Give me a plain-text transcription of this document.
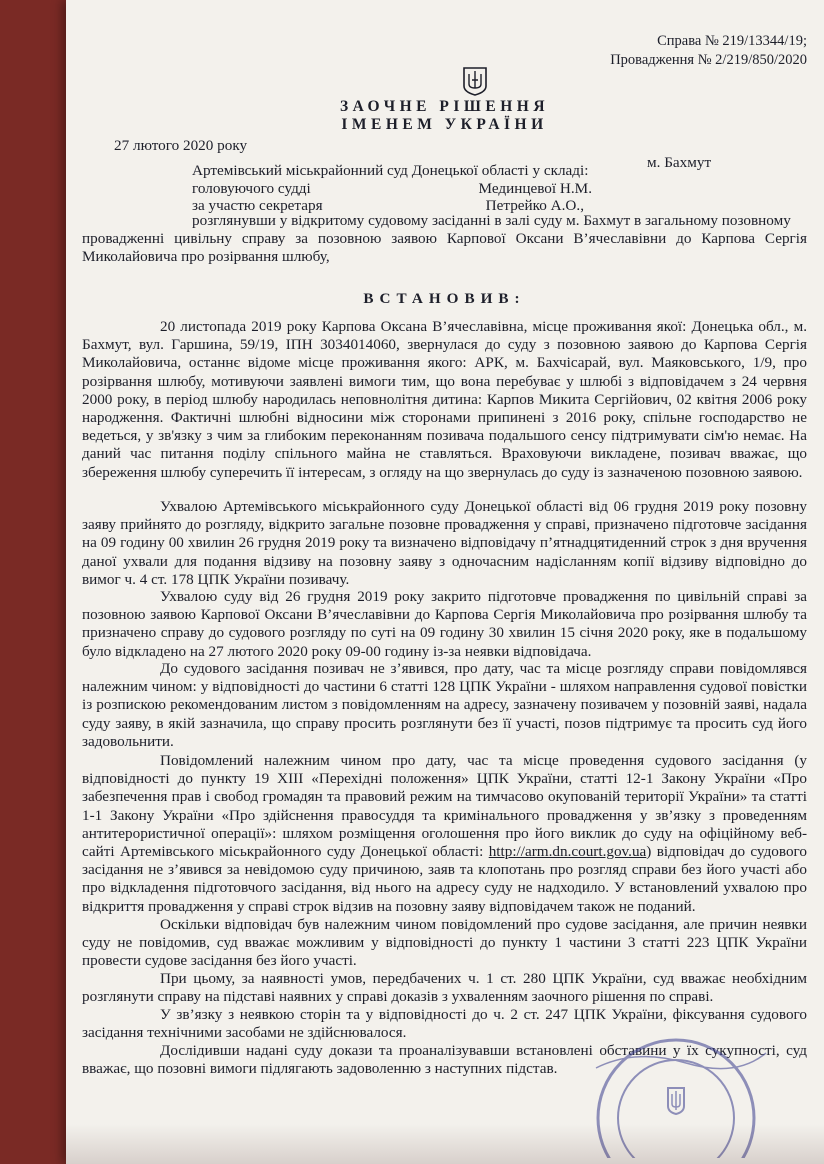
Справа № 219/13344/19;
Провадження № 2/219/850/2020
ЗАОЧНЕ РІШЕННЯ
ІМЕНЕМ УКРАЇНИ
27 лютого 2020 року
м. Бахмут
Артемівський міськрайонний суд Донецької області у складі:
головуючого судді	Мединцевої Н.М.
за участю секретаря	Петрейко А.О.,
розглянувши у відкритому судовому засіданні в залі суду м. Бахмут в загальному позовному

провадженні цивільну справу за позовною заявою Карпової Оксани В’ячеславівни до Карпова Сергія Миколайовича про розірвання шлюбу,

ВСТАНОВИВ:

20 листопада 2019 року Карпова Оксана В’ячеславівна, місце проживання якої: Донецька обл., м. Бахмут, вул. Гаршина, 59/19, ІПН 3034014060, звернулася до суду з позовною заявою до Карпова Сергія Миколайовича, останнє відоме місце проживання якого: АРК, м. Бахчісарай, вул. Маяковського, 1/9, про розірвання шлюбу, мотивуючи заявлені вимоги тим, що вона перебуває у шлюбі з відповідачем з 24 червня 2000 року, в період шлюбу народилась неповнолітня дитина: Карпов Микита Сергійович, 02 квітня 2006 року народження. Фактичні шлюбні відносини між сторонами припинені з 2016 року, спільне господарство не ведеться, у зв'язку з чим за глибоким переконанням позивача подальшого сенсу підтримувати сім'ю немає. На даний час питання поділу спільного майна не ставляться. Враховуючи викладене, позивач вважає, що збереження шлюбу суперечить її інтересам, з огляду на що звернулась до суду із зазначеною позовною заявою.

Ухвалою Артемівського міськрайонного суду Донецької області від 06 грудня 2019 року позовну заяву прийнято до розгляду, відкрито загальне позовне провадження у справі, призначено підготовче засідання на 09 годину 00 хвилин 26 грудня 2019 року та визначено відповідачу п’ятнадцятиденний строк з дня вручення даної ухвали для подання відзиву на позовну заяву з одночасним надісланням копії відзиву відповідно до вимог ч. 4 ст. 178 ЦПК України позивачу.

Ухвалою суду від 26 грудня 2019 року закрито підготовче провадження по цивільній справі за позовною заявою Карпової Оксани В’ячеславівни до Карпова Сергія Миколайовича про розірвання шлюбу та призначено справу до судового розгляду по суті на 09 годину 30 хвилин 15 січня 2020 року, яке в подальшому було відкладено на 27 лютого 2020 року 09-00 годину із-за неявки відповідача.

До судового засідання позивач не з’явився, про дату, час та місце розгляду справи повідомлявся належним чином: у відповідності до частини 6 статті 128 ЦПК України - шляхом направлення судової повістки із розпискою рекомендованим листом з повідомленням на адресу, зазначену позивачем у позовній заяві, надала суду заяву, в якій зазначила, що справу просить розглянути без її участі, позов підтримує та просить суд його задовольнити.

Повідомлений належним чином про дату, час та місце проведення судового засідання (у відповідності до пункту 19 XIII «Перехідні положення» ЦПК України, статті 12-1 Закону України «Про забезпечення прав і свобод громадян та правовий режим на тимчасово окупованій території України» та статті 1-1 Закону України «Про здійснення правосуддя та кримінального провадження у зв’язку з проведенням антитерористичної операції»: шляхом розміщення оголошення про його виклик до суду на офіційному веб-сайті Артемівського міськрайонного суду Донецької області: http://arm.dn.court.gov.ua) відповідач до судового засідання не з’явився за невідомою суду причиною, заяв та клопотань про розгляд справи без його участі або про відкладення підготовчого засідання, від нього на адресу суду не надходило. У встановлений ухвалою про відкриття провадження у справі строк відзив на позовну заяву відповідачем також не поданий.

Оскільки відповідач був належним чином повідомлений про судове засідання, але причин неявки суду не повідомив, суд вважає можливим у відповідності до пункту 1 частини 3 статті 223 ЦПК України провести судове засідання без його участі.

При цьому, за наявності умов, передбачених ч. 1 ст. 280 ЦПК України, суд вважає необхідним розглянути справу на підставі наявних у справі доказів з ухваленням заочного рішення по справі.

У зв’язку з неявкою сторін та у відповідності до ч. 2 ст. 247 ЦПК України, фіксування судового засідання технічними засобами не здійснювалося.

Дослідивши надані суду докази та проаналізувавши встановлені обставини у їх сукупності, суд вважає, що позовні вимоги підлягають задоволенню з наступних підстав.
